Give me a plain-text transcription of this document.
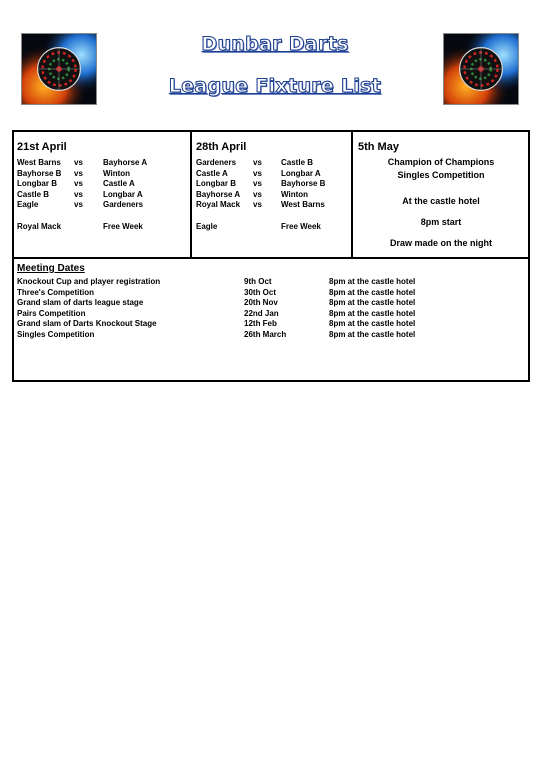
Dunbar Darts
League Fixture List
21st April
West Barns vs	Bayhorse A
Bayhorse B vs	Winton
Longbar B vs	Castle A
Castle B	vs	Longbar A
Eagle	vs	Gardeners
Royal Mack	Free Week
28th April
Gardeners vs Castle B
Castle A	vs Longbar A
Longbar B vs Bayhorse B
Bayhorse A vs Winton
Royal Mack vs West Barns
Eagle	Free Week
5th May
Champion of Champions
Singles Competition
At the castle hotel
8pm start
Draw made on the night
Meeting Dates
Knockout Cup and player registration	9th Oct	8pm at the castle hotel
Three's Competition	30th Oct	8pm at the castle hotel
Grand slam of darts league stage	20th Nov	8pm at the castle hotel
Pairs Competition	22nd Jan	8pm at the castle hotel
Grand slam of Darts Knockout Stage	12th Feb	8pm at the castle hotel
Singles Competition	26th March	8pm at the castle hotel
